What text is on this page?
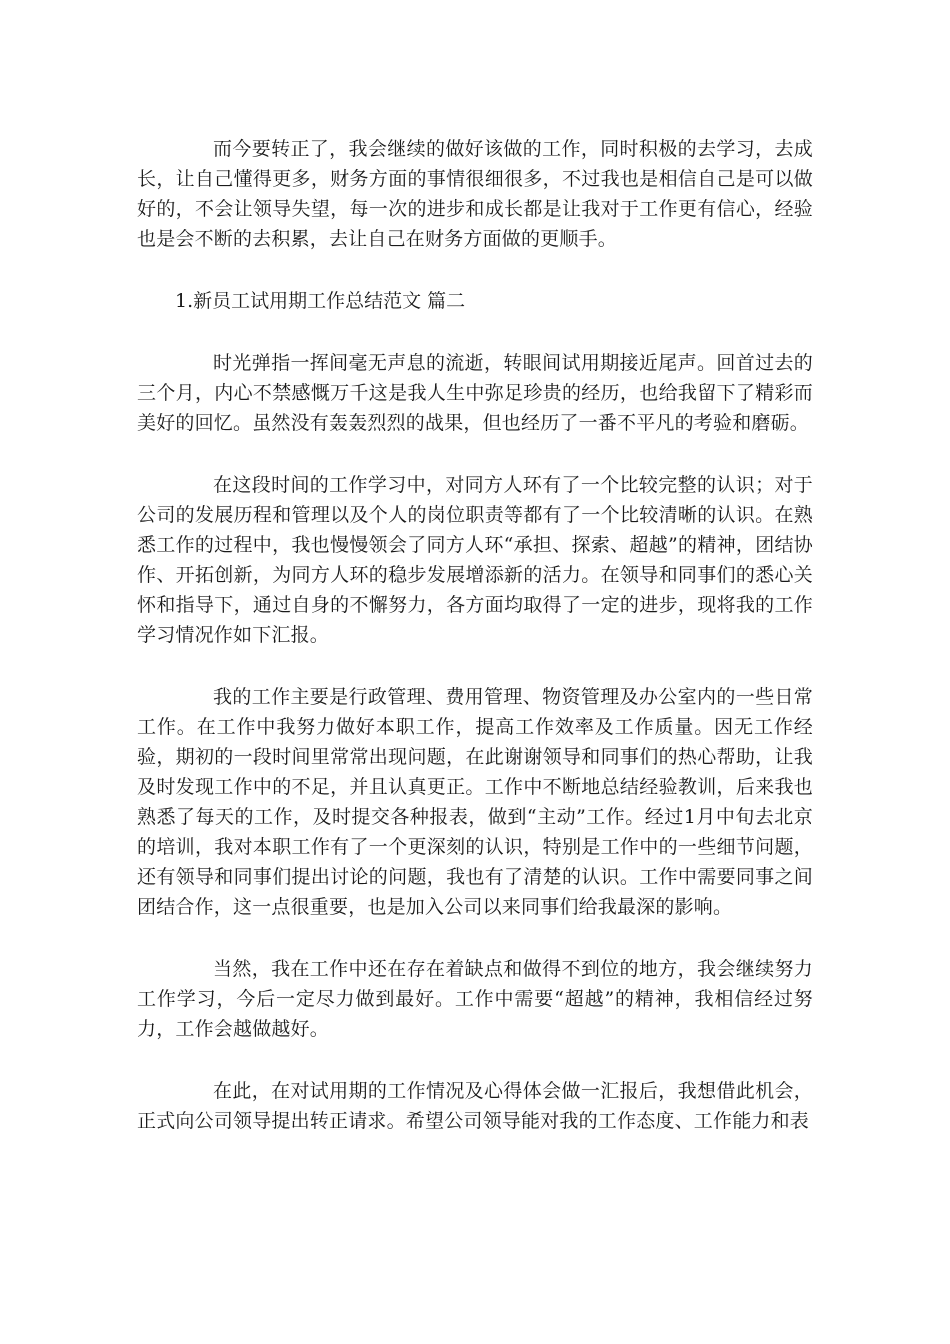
而今要转正了，我会继续的做好该做的工作，同时积极的去学习，去成长，让自己懂得更多，财务方面的事情很细很多，不过我也是相信自己是可以做好的，不会让领导失望，每一次的进步和成长都是让我对于工作更有信心，经验也是会不断的去积累，去让自己在财务方面做的更顺手。

1.新员工试用期工作总结范文 篇二

时光弹指一挥间毫无声息的流逝，转眼间试用期接近尾声。回首过去的三个月，内心不禁感慨万千这是我人生中弥足珍贵的经历，也给我留下了精彩而美好的回忆。虽然没有轰轰烈烈的战果，但也经历了一番不平凡的考验和磨砺。

在这段时间的工作学习中，对同方人环有了一个比较完整的认识；对于公司的发展历程和管理以及个人的岗位职责等都有了一个比较清晰的认识。在熟悉工作的过程中，我也慢慢领会了同方人环“承担、探索、超越”的精神，团结协作、开拓创新，为同方人环的稳步发展增添新的活力。在领导和同事们的悉心关怀和指导下，通过自身的不懈努力，各方面均取得了一定的进步，现将我的工作学习情况作如下汇报。

我的工作主要是行政管理、费用管理、物资管理及办公室内的一些日常工作。在工作中我努力做好本职工作，提高工作效率及工作质量。因无工作经验，期初的一段时间里常常出现问题，在此谢谢领导和同事们的热心帮助，让我及时发现工作中的不足，并且认真更正。工作中不断地总结经验教训，后来我也熟悉了每天的工作，及时提交各种报表，做到“主动”工作。经过1月中旬去北京的培训，我对本职工作有了一个更深刻的认识，特别是工作中的一些细节问题，还有领导和同事们提出讨论的问题，我也有了清楚的认识。工作中需要同事之间团结合作，这一点很重要，也是加入公司以来同事们给我最深的影响。

当然，我在工作中还在存在着缺点和做得不到位的地方，我会继续努力工作学习，今后一定尽力做到最好。工作中需要“超越”的精神，我相信经过努力，工作会越做越好。

在此，在对试用期的工作情况及心得体会做一汇报后，我想借此机会，正式向公司领导提出转正请求。希望公司领导能对我的工作态度、工作能力和表
